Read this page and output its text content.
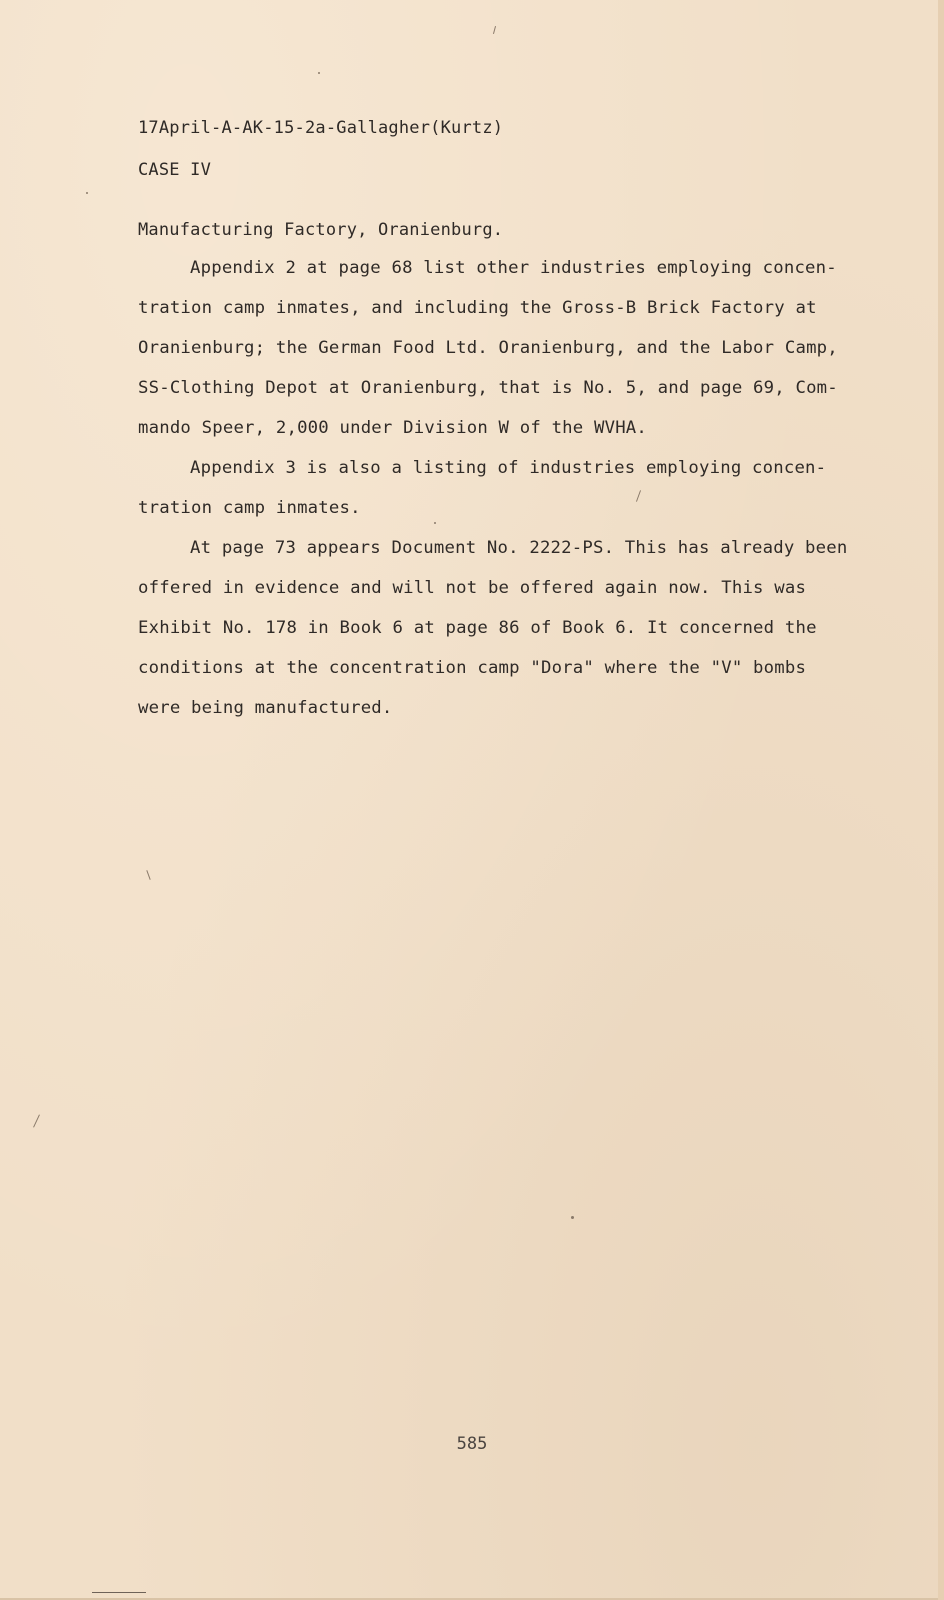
17April-A-AK-15-2a-Gallagher(Kurtz)
CASE IV
Manufacturing Factory, Oranienburg.
Appendix 2 at page 68 list other industries employing concen-
tration camp inmates, and including the Gross-B Brick Factory at
Oranienburg; the German Food Ltd. Oranienburg, and the Labor Camp,
SS-Clothing Depot at Oranienburg, that is No. 5, and page 69, Com-
mando Speer, 2,000 under Division W of the WVHA.
Appendix 3 is also a listing of industries employing concen-
tration camp inmates.
At page 73 appears Document No. 2222-PS. This has already been
offered in evidence and will not be offered again now. This was
Exhibit No. 178 in Book 6 at page 86 of Book 6. It concerned the
conditions at the concentration camp "Dora" where the "V" bombs
were being manufactured.
585
